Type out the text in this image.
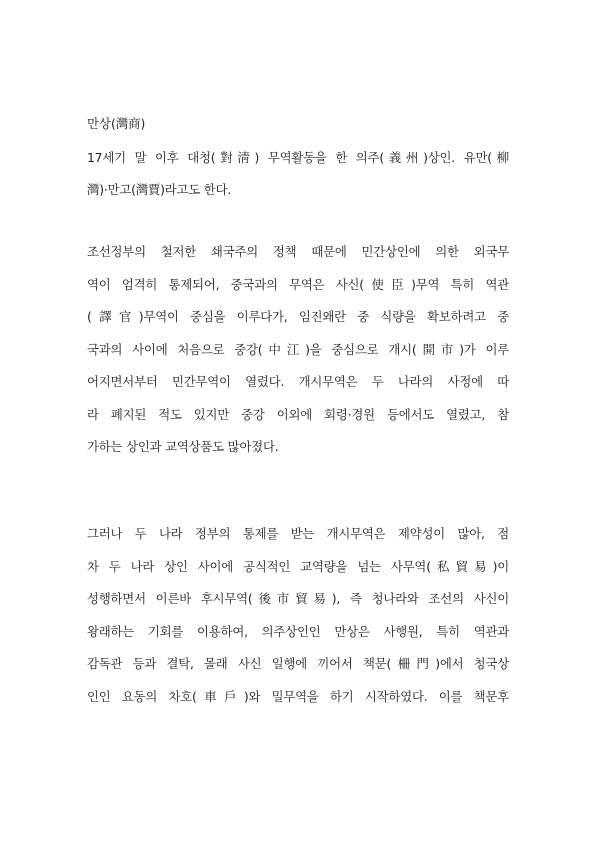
만상(灣商)
17세기 말 이후 대청(對淸) 무역활동을 한 의주(義州)상인. 유만(柳
灣)·만고(灣賈)라고도 한다.
조선정부의 철저한 쇄국주의 정책 때문에 민간상인에 의한 외국무
역이 엄격히 통제되어, 중국과의 무역은 사신(使臣)무역 특히 역관
(譯官)무역이 중심을 이루다가, 임진왜란 중 식량을 확보하려고 중
국과의 사이에 처음으로 중강(中江)을 중심으로 개시(開市)가 이루
어지면서부터 민간무역이 열렸다. 개시무역은 두 나라의 사정에 따
라 폐지된 적도 있지만 중강 이외에 회령·경원 등에서도 열렸고, 참
가하는 상인과 교역상품도 많아졌다.
그러나 두 나라 정부의 통제를 받는 개시무역은 제약성이 많아, 점
차 두 나라 상인 사이에 공식적인 교역량을 넘는 사무역(私貿易)이
성행하면서 이른바 후시무역(後市貿易), 즉 청나라와 조선의 사신이
왕래하는 기회를 이용하여, 의주상인인 만상은 사행원, 특히 역관과
감독관 등과 결탁, 몰래 사신 일행에 끼어서 책문(柵門)에서 청국상
인인 요동의 차호(車戶)와 밀무역을 하기 시작하였다. 이를 책문후
